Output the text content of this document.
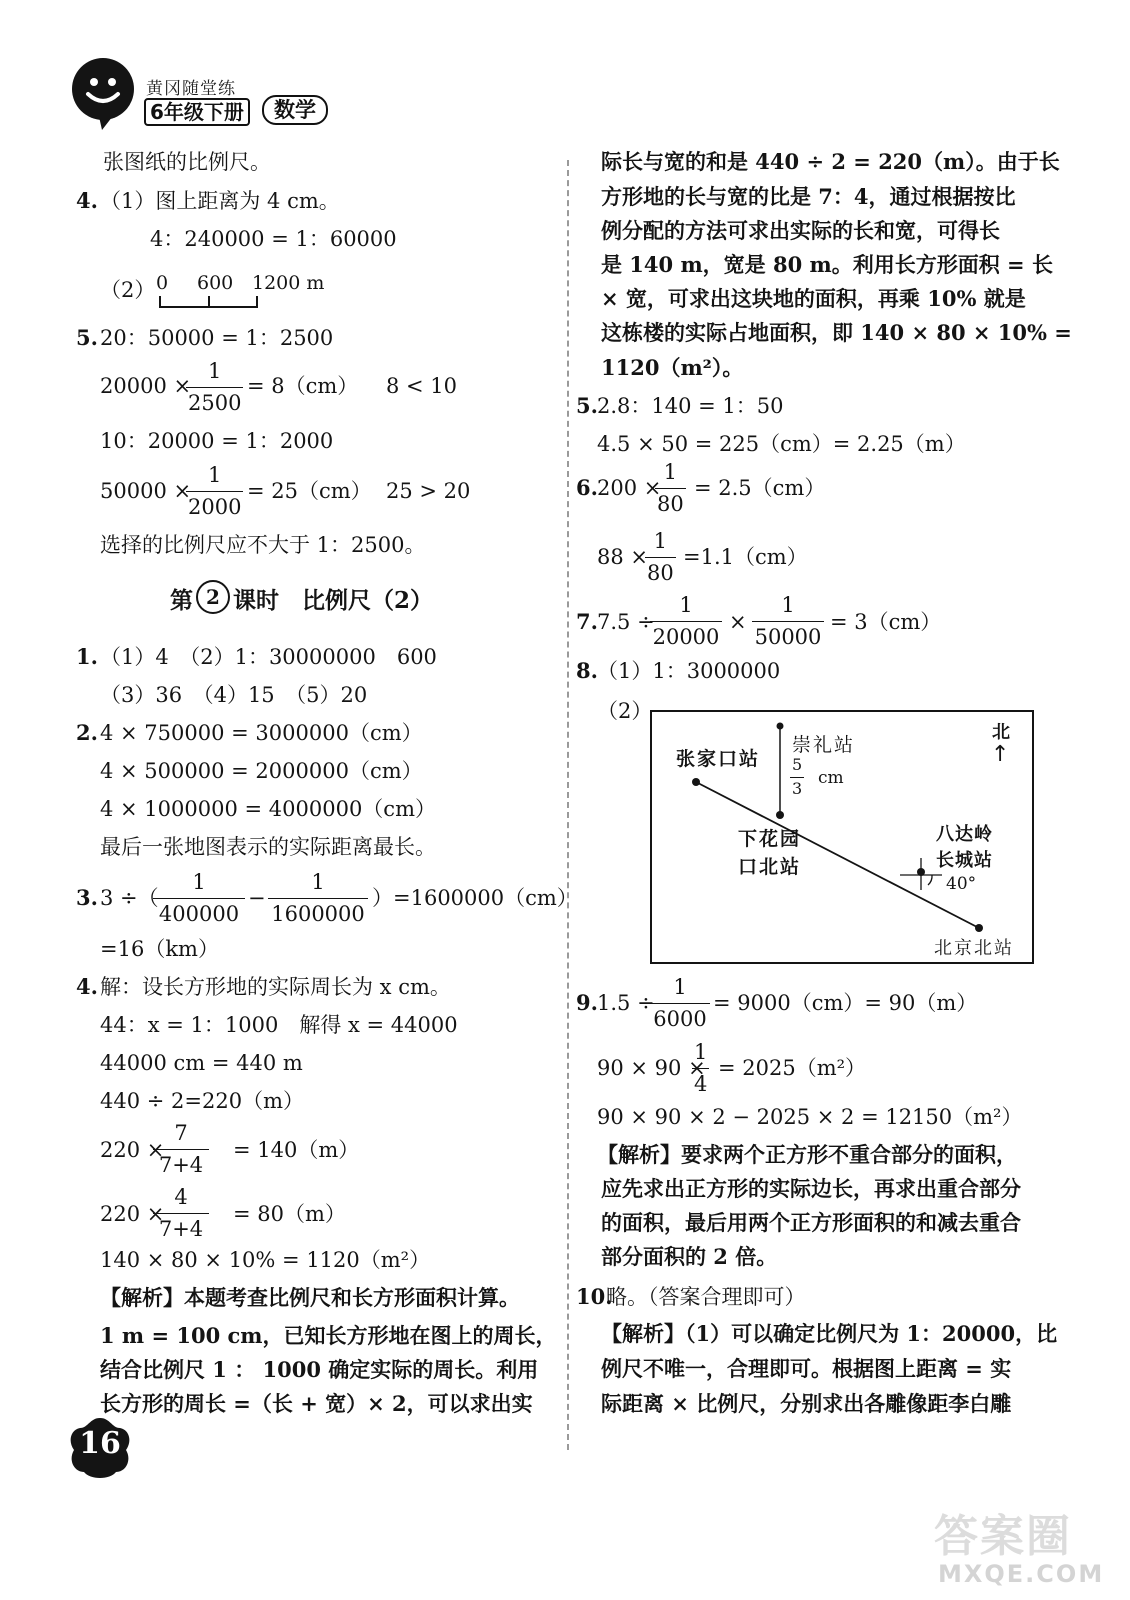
黄冈随堂练
6年级下册	数学
张图纸的比例尺。
4. （1）图上距离为 4 cm。
4：240000 = 1：60000
（2） 0 600 1200 m
5. 20：50000 = 1：2500
20000 ×
1
2500
= 8（cm） 8 < 10
10：20000 = 1：2000
50000 ×
1
2000
= 25（cm） 25 > 20
选择的比例尺应不大于 1：2500。
第 2 课时　比例尺（2）
1. （1）4　（2）1：30000000　600
（3）36　（4）15　（5）20
2. 4 × 750000 = 3000000（cm）
4 × 500000 = 2000000（cm）
4 × 1000000 = 4000000（cm）
最后一张地图表示的实际距离最长。
3. 3 ÷（
1
400000
−
1
1600000
）=1600000（cm）
=16（km）
4. 解：设长方形地的实际周长为 x cm。
44：x = 1：1000　解得 x = 44000
44000 cm = 440 m
440 ÷ 2=220（m）
220 ×
7
7+4
= 140（m）
220 ×
4
7+4
= 80（m）
140 × 80 × 10% = 1120（m²）
【解析】本题考查比例尺和长方形面积计算。
1 m = 100 cm，已知长方形地在图上的周长，
结合比例尺 1 ： 1000 确定实际的周长。利用
长方形的周长 =（长 + 宽）× 2，可以求出实
际长与宽的和是 440 ÷ 2 = 220（m）。由于长
方形地的长与宽的比是 7：4，通过根据按比
例分配的方法可求出实际的长和宽，可得长
是 140 m，宽是 80 m。利用长方形面积 = 长
× 宽，可求出这块地的面积，再乘 10% 就是
这栋楼的实际占地面积，即 140 × 80 × 10% =
1120（m²）。
5. 2.8：140 = 1：50
4.5 × 50 = 225（cm）= 2.25（m）
6. 200 ×
1
80
= 2.5（cm）
88 ×
1
80
=1.1（cm）
7. 7.5 ÷
1
20000
×
1
50000
= 3（cm）
8. （1）1：3000000
（2）
北
↑
张家口站
崇礼站
5
3
cm
下花园
口北站
八达岭
长城站
40°
北京北站
9. 1.5 ÷
1
6000
= 9000（cm）= 90（m）
90 × 90 ×
1
4
= 2025（m²）
90 × 90 × 2 − 2025 × 2 = 12150（m²）
【解析】要求两个正方形不重合部分的面积，
应先求出正方形的实际边长，再求出重合部分
的面积，最后用两个正方形面积的和减去重合
部分面积的 2 倍。
10.
略。（答案合理即可）
【解析】（1）可以确定比例尺为 1：20000，比
例尺不唯一，合理即可。根据图上距离 = 实
际距离 × 比例尺，分别求出各雕像距李白雕
16
答案圈
MXQE.COM
